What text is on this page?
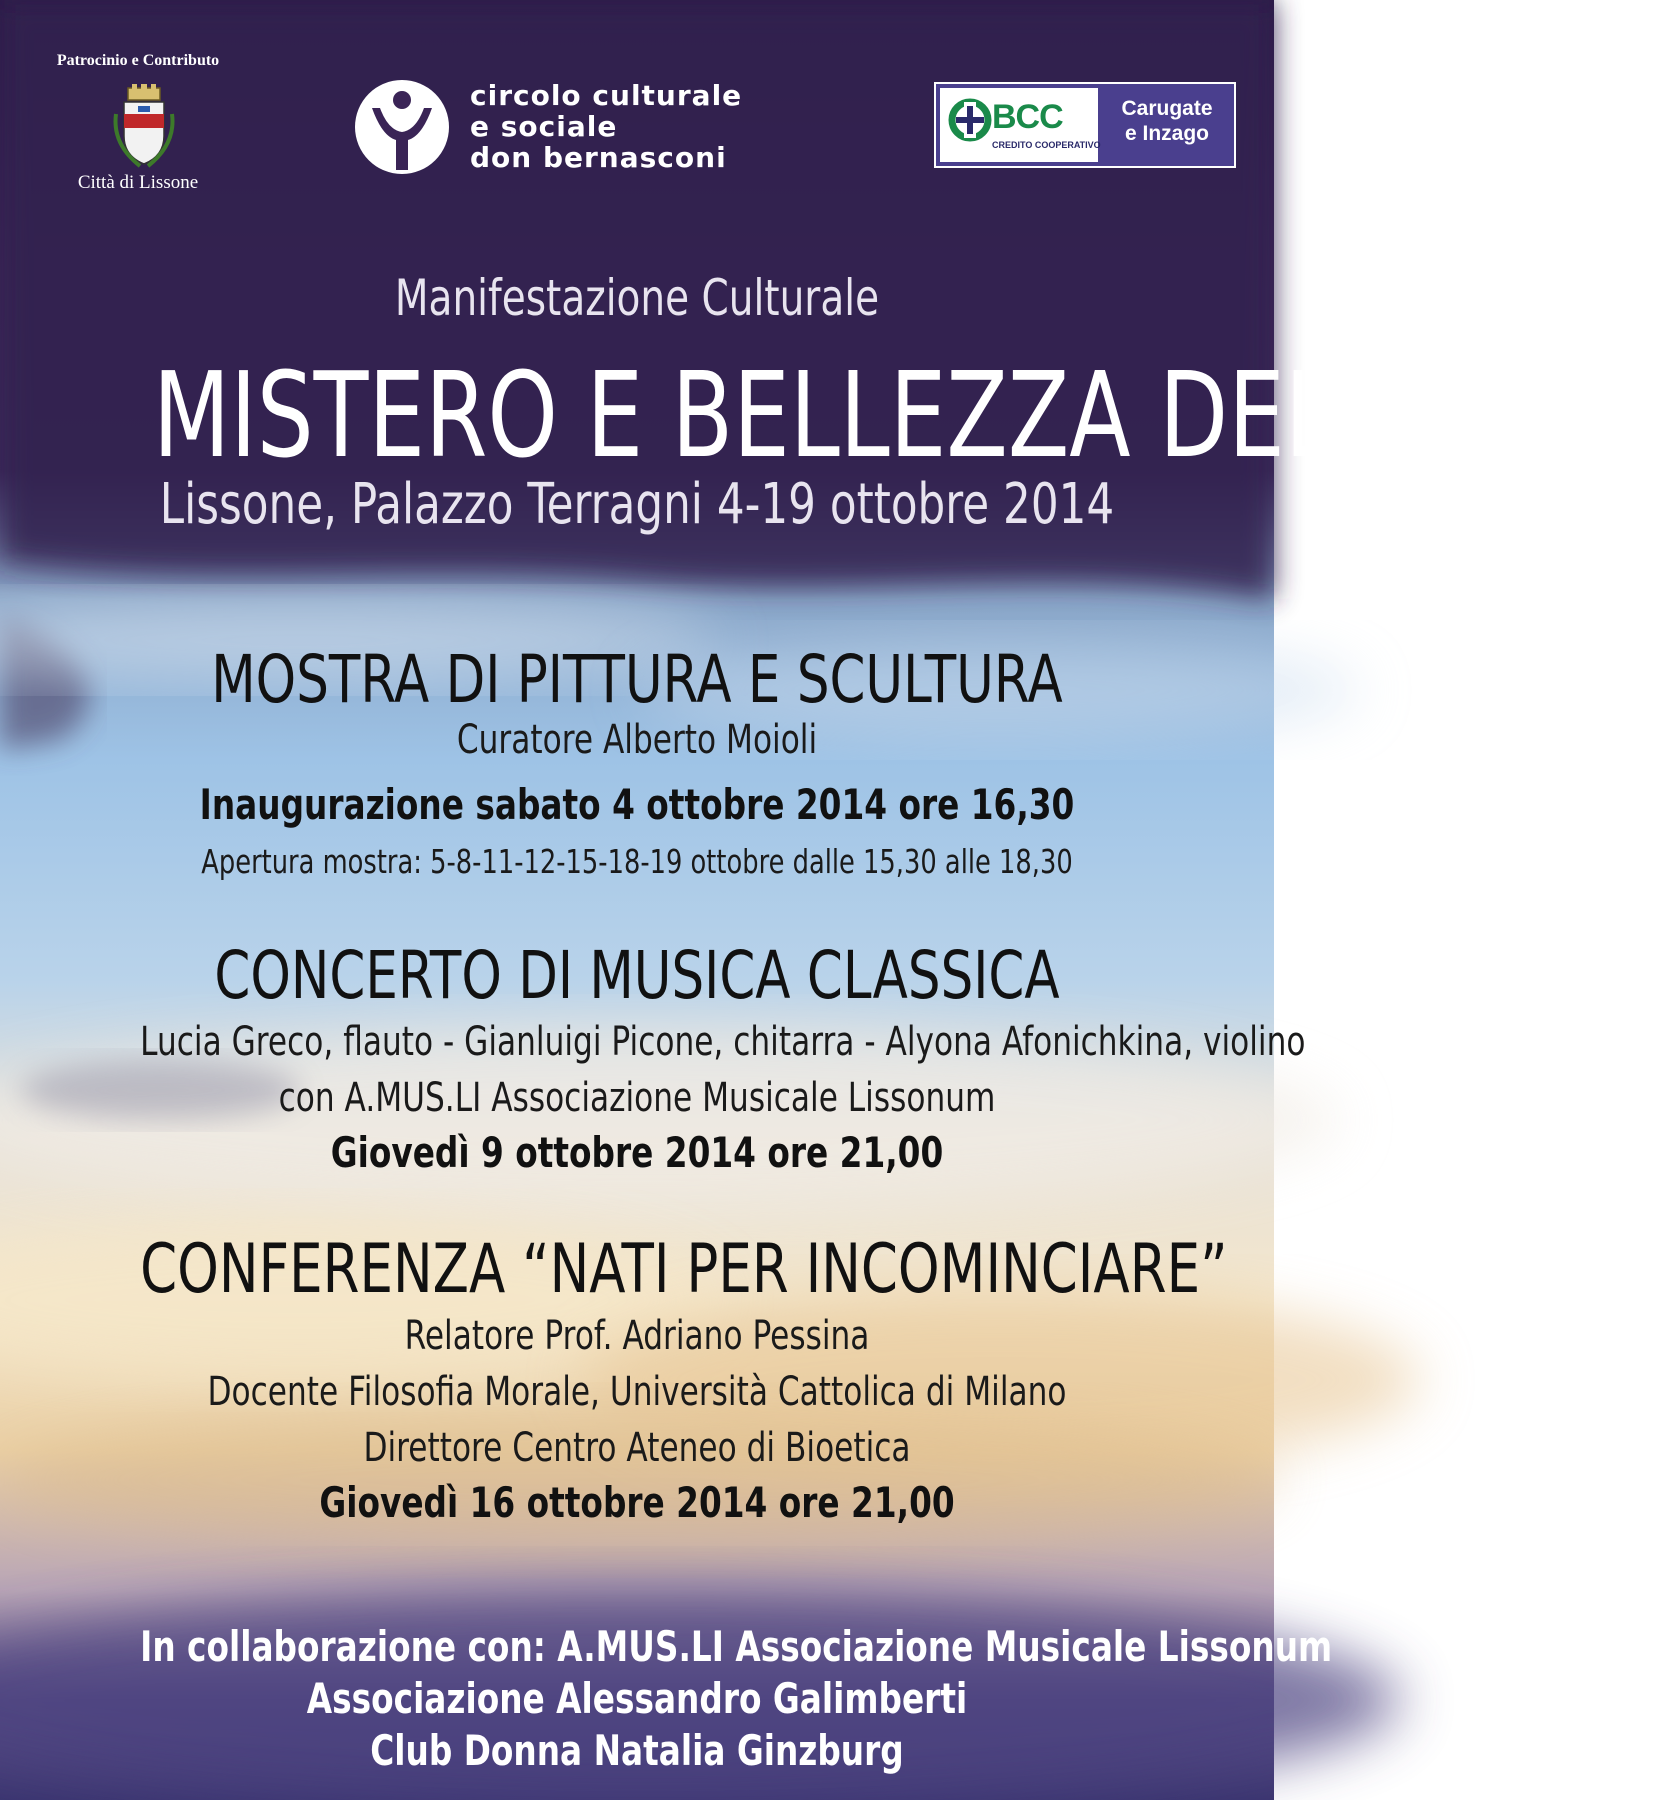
Patrocinio e Contributo
Città di Lissone
circolo culturale
e sociale
don bernasconi
BCC
CREDITO COOPERATIVO
Carugate
e Inzago
Manifestazione Culturale
MISTERO E BELLEZZA DELLA VITA
Lissone, Palazzo Terragni 4-19 ottobre 2014
MOSTRA DI PITTURA E SCULTURA
Curatore Alberto Moioli
Inaugurazione sabato 4 ottobre 2014 ore 16,30
Apertura mostra: 5-8-11-12-15-18-19 ottobre dalle 15,30 alle 18,30
CONCERTO DI MUSICA CLASSICA
Lucia Greco, flauto - Gianluigi Picone, chitarra - Alyona Afonichkina, violino
con A.MUS.LI Associazione Musicale Lissonum
Giovedì 9 ottobre 2014 ore 21,00
CONFERENZA “NATI PER INCOMINCIARE”
Relatore Prof. Adriano Pessina
Docente Filosofia Morale, Università Cattolica di Milano
Direttore Centro Ateneo di Bioetica
Giovedì 16 ottobre 2014 ore 21,00
In collaborazione con: A.MUS.LI Associazione Musicale Lissonum
Associazione Alessandro Galimberti
Club Donna Natalia Ginzburg
